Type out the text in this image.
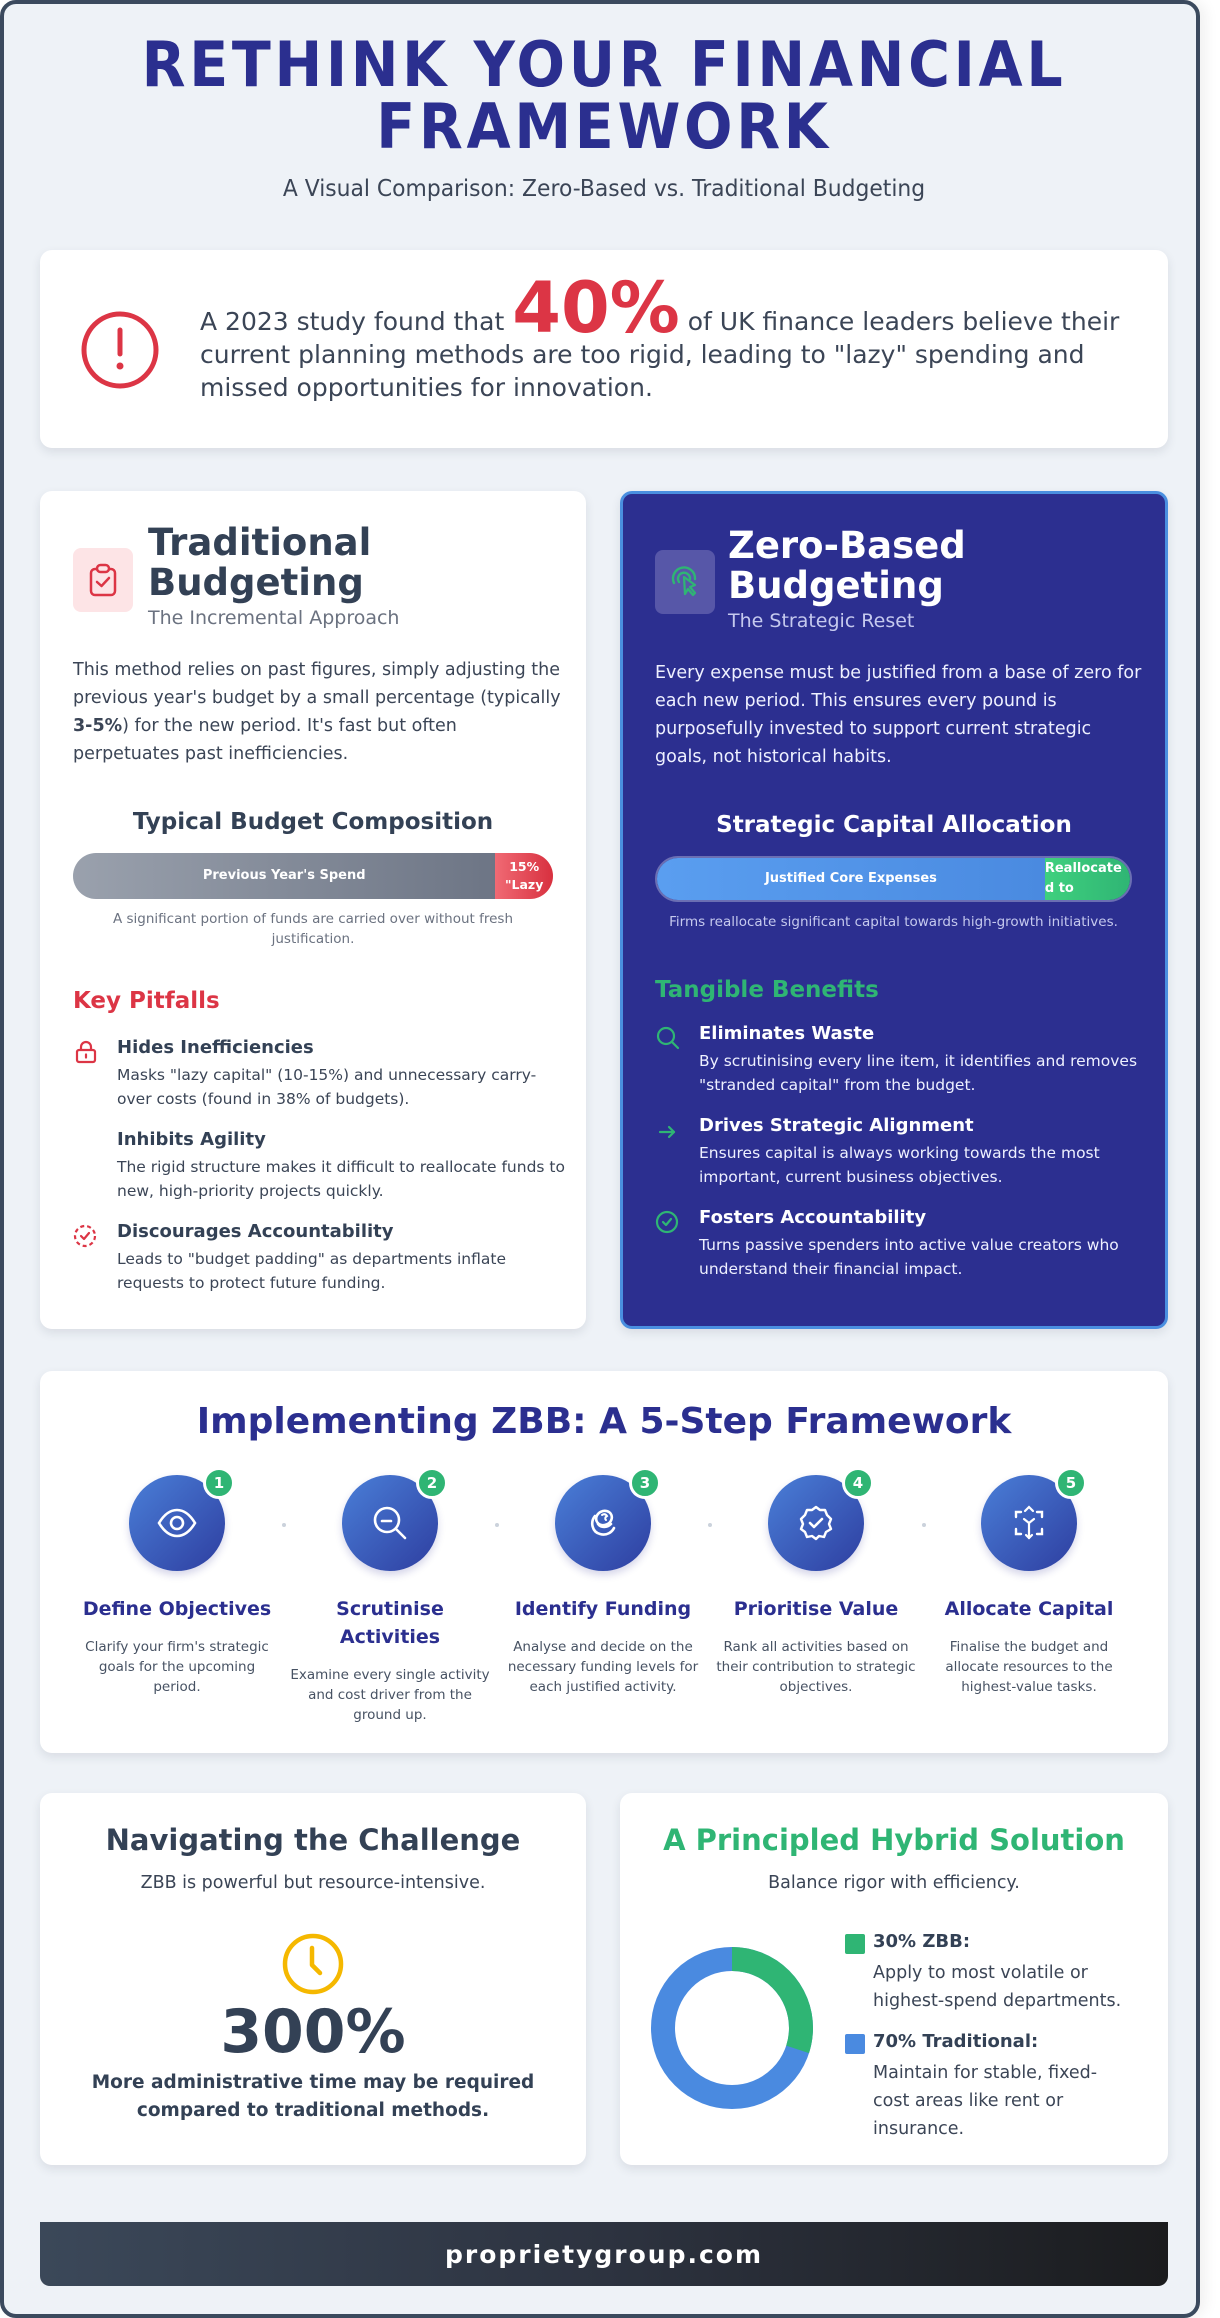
RETHINK YOUR FINANCIAL
FRAMEWORK
A Visual Comparison: Zero-Based vs. Traditional Budgeting
A 2023 study found that 40% of UK finance leaders believe their current planning methods are too rigid, leading to "lazy" spending and missed opportunities for innovation.
Traditional
Budgeting
The Incremental Approach
This method relies on past figures, simply adjusting the previous year's budget by a small percentage (typically 3-5%) for the new period. It's fast but often perpetuates past inefficiencies.
Typical Budget Composition
Previous Year's Spend
15% "Lazy
A significant portion of funds are carried over without fresh justification.
Key Pitfalls
Hides Inefficiencies
Masks "lazy capital" (10-15%) and unnecessary carry-over costs (found in 38% of budgets).
Inhibits Agility
The rigid structure makes it difficult to reallocate funds to new, high-priority projects quickly.
Discourages Accountability
Leads to "budget padding" as departments inflate requests to protect future funding.
Zero-Based
Budgeting
The Strategic Reset
Every expense must be justified from a base of zero for each new period. This ensures every pound is purposefully invested to support current strategic goals, not historical habits.
Strategic Capital Allocation
Justified Core Expenses
Reallocated to
Firms reallocate significant capital towards high-growth initiatives.
Tangible Benefits
Eliminates Waste
By scrutinising every line item, it identifies and removes "stranded capital" from the budget.
Drives Strategic Alignment
Ensures capital is always working towards the most important, current business objectives.
Fosters Accountability
Turns passive spenders into active value creators who understand their financial impact.
Implementing ZBB: A 5-Step Framework
1
Define Objectives
Clarify your firm's strategic goals for the upcoming period.
2
Scrutinise Activities
Examine every single activity and cost driver from the ground up.
3
Identify Funding
Analyse and decide on the necessary funding levels for each justified activity.
4
Prioritise Value
Rank all activities based on their contribution to strategic objectives.
5
Allocate Capital
Finalise the budget and allocate resources to the highest-value tasks.
Navigating the Challenge
ZBB is powerful but resource-intensive.
300%
More administrative time may be required compared to traditional methods.
A Principled Hybrid Solution
Balance rigor with efficiency.
30% ZBB:
Apply to most volatile or highest-spend departments.
70% Traditional:
Maintain for stable, fixed-cost areas like rent or insurance.
proprietygroup.com
